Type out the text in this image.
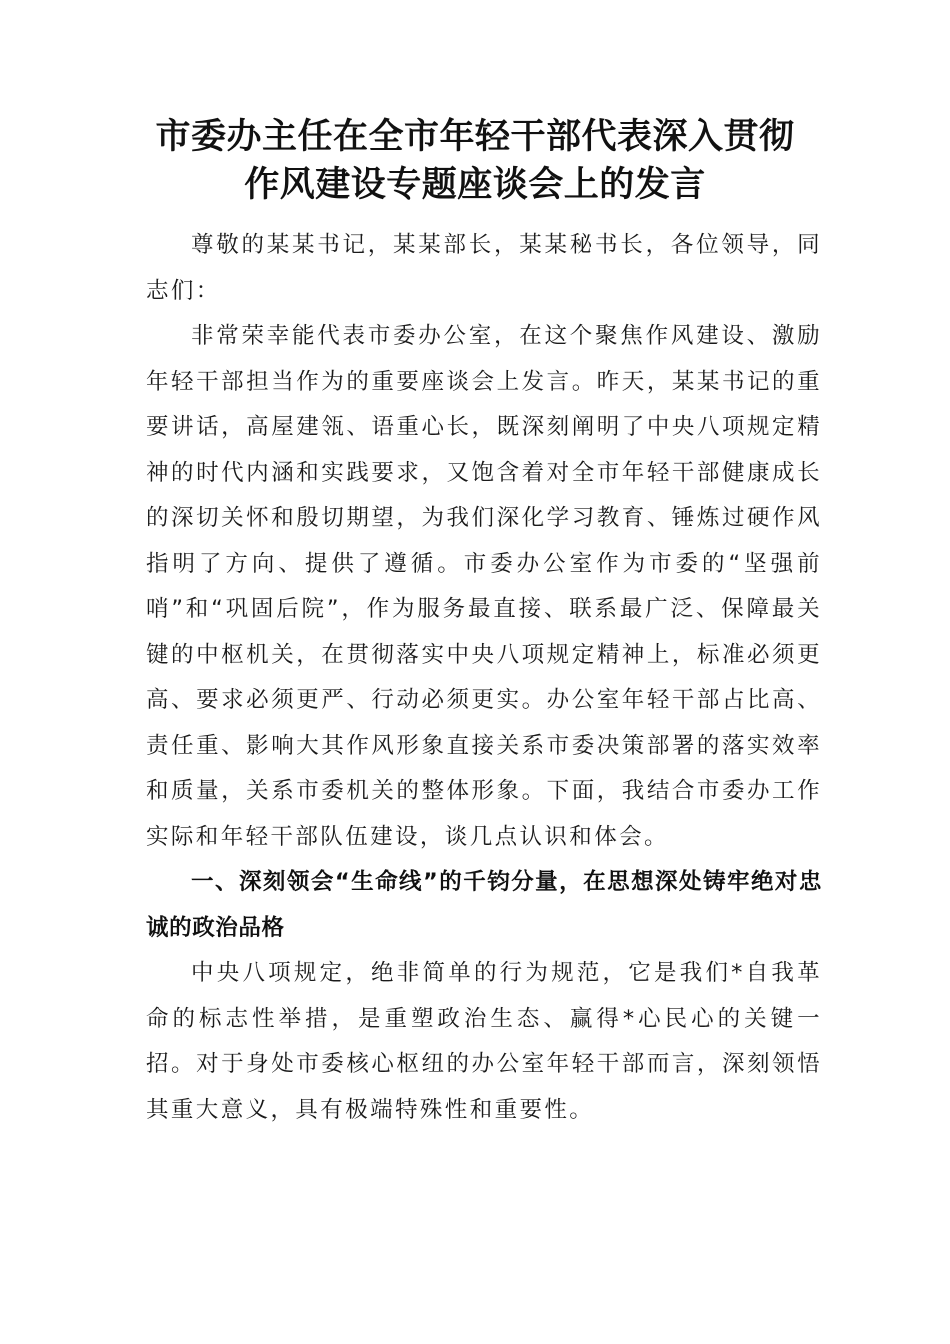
市委办主任在全市年轻干部代表深入贯彻
作风建设专题座谈会上的发言

尊敬的某某书记，某某部长，某某秘书长，各位领导，同志们：

非常荣幸能代表市委办公室，在这个聚焦作风建设、激励年轻干部担当作为的重要座谈会上发言。昨天，某某书记的重要讲话，高屋建瓴、语重心长，既深刻阐明了中央八项规定精神的时代内涵和实践要求，又饱含着对全市年轻干部健康成长的深切关怀和殷切期望，为我们深化学习教育、锤炼过硬作风指明了方向、提供了遵循。市委办公室作为市委的“坚强前哨”和“巩固后院”，作为服务最直接、联系最广泛、保障最关键的中枢机关，在贯彻落实中央八项规定精神上，标准必须更高、要求必须更严、行动必须更实。办公室年轻干部占比高、责任重、影响大其作风形象直接关系市委决策部署的落实效率和质量，关系市委机关的整体形象。下面，我结合市委办工作实际和年轻干部队伍建设，谈几点认识和体会。

一、深刻领会“生命线”的千钧分量，在思想深处铸牢绝对忠诚的政治品格

中央八项规定，绝非简单的行为规范，它是我们*自我革命的标志性举措，是重塑政治生态、赢得*心民心的关键一招。对于身处市委核心枢纽的办公室年轻干部而言，深刻领悟其重大意义，具有极端特殊性和重要性。
